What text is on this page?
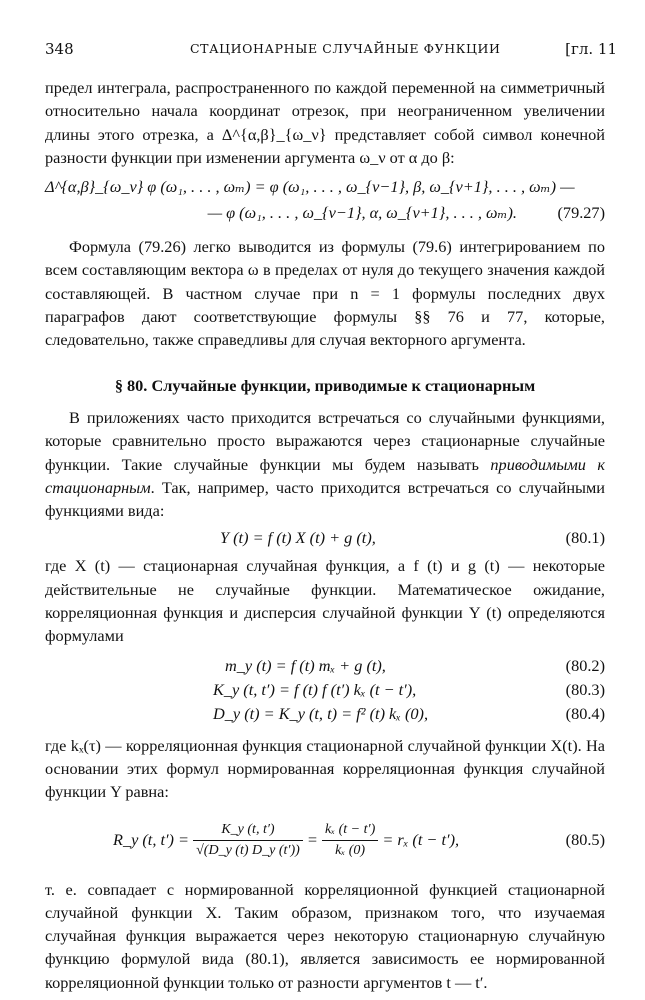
348	СТАЦИОНАРНЫЕ СЛУЧАЙНЫЕ ФУНКЦИИ	[гл. 11

предел интеграла, распространенного по каждой переменной на симметричный относительно начала координат отрезок, при неограниченном увеличении длины этого отрезка, а Δ^{α,β}_{ω_ν} представляет собой символ конечной разности функции при изменении аргумента ω_ν от α до β:

Δ^{α,β}_{ω_ν} φ (ω₁, . . . , ωₘ) = φ (ω₁, . . . , ω_{ν−1}, β, ω_{ν+1}, . . . , ωₘ) —
— φ (ω₁, . . . , ω_{ν−1}, α, ω_{ν+1}, . . . , ωₘ). (79.27)

Формула (79.26) легко выводится из формулы (79.6) интегрированием по всем составляющим вектора ω в пределах от нуля до текущего значения каждой составляющей. В частном случае при n = 1 формулы последних двух параграфов дают соответствующие формулы §§ 76 и 77, которые, следовательно, также справедливы для случая векторного аргумента.

§ 80. Случайные функции, приводимые к стационарным

В приложениях часто приходится встречаться со случайными функциями, которые сравнительно просто выражаются через стационарные случайные функции. Такие случайные функции мы будем называть приводимыми к стационарным. Так, например, часто приходится встречаться со случайными функциями вида:

Y (t) = f (t) X (t) + g (t),	(80.1)

где X (t) — стационарная случайная функция, а f (t) и g (t) — некоторые действительные не случайные функции. Математическое ожидание, корреляционная функция и дисперсия случайной функции Y (t) определяются формулами

m_y (t) = f (t) mₓ + g (t),	(80.2)
K_y (t, t′) = f (t) f (t′) kₓ (t − t′),	(80.3)
D_y (t) = K_y (t, t) = f² (t) kₓ (0),	(80.4)

где kₓ(τ) — корреляционная функция стационарной случайной функции X(t). На основании этих формул нормированная корреляционная функция случайной функции Y равна:

R_y (t, $t') = \frac{K\_y (t, t')}{√(D\_y (t) D\_y (t'))} = \frac{\text{kₓ (t − t′)}}{\text{kₓ (0)}} = r_x$ (t − t′),	(80.5)

т. е. совпадает с нормированной корреляционной функцией стационарной случайной функции X. Таким образом, признаком того, что изучаемая случайная функция выражается через некоторую стационарную случайную функцию формулой вида (80.1), является зависимость ее нормированной корреляционной функции только от разности аргументов t — t′.
